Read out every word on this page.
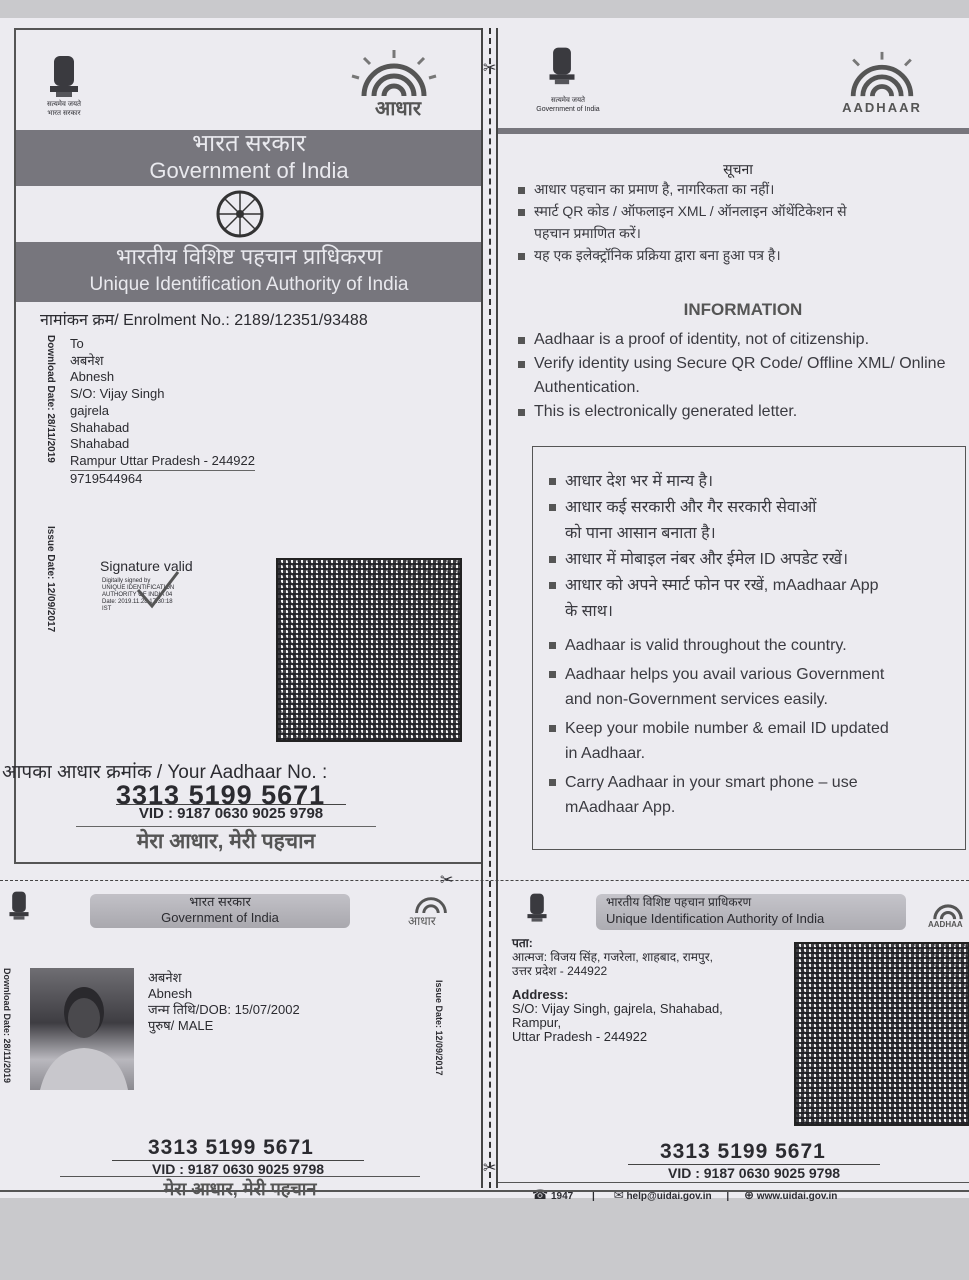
सत्यमेव जयते
भारत सरकार	आधार
भारत सरकार
Government of India
भारतीय विशिष्ट पहचान प्राधिकरण
Unique Identification Authority of India
नामांकन क्रम/ Enrolment No.: 2189/12351/93488
Download Date: 28/11/2019
Issue Date: 12/09/2017
To
अबनेश
Abnesh
S/O: Vijay Singh
gajrela
Shahabad
Shahabad
Rampur Uttar Pradesh - 244922
9719544964
Signature valid
Digitally signed by
UNIQUE IDENTIFICATION
AUTHORITY OF INDIA 04
Date: 2019.11.28 17:30:18
IST
आपका आधार क्रमांक / Your Aadhaar No. :
3313 5199 5671
VID : 9187 0630 9025 9798
मेरा आधार, मेरी पहचान
✂
✂
सत्यमेव जयते
Government of India	AADHAAR
सूचना
आधार पहचान का प्रमाण है, नागरिकता का नहीं।
स्मार्ट QR कोड / ऑफलाइन XML / ऑनलाइन ऑथेंटिकेशन से
पहचान प्रमाणित करें।
यह एक इलेक्ट्रॉनिक प्रक्रिया द्वारा बना हुआ पत्र है।
INFORMATION
Aadhaar is a proof of identity, not of citizenship.
Verify identity using Secure QR Code/ Offline XML/ Online
Authentication.
This is electronically generated letter.
आधार देश भर में मान्य है।
आधार कई सरकारी और गैर सरकारी सेवाओं
को पाना आसान बनाता है।
आधार में मोबाइल नंबर और ईमेल ID अपडेट रखें।
आधार को अपने स्मार्ट फोन पर रखें, mAadhaar App
के साथ।
Aadhaar is valid throughout the country.
Aadhaar helps you avail various Government
and non-Government services easily.
Keep your mobile number & email ID updated
in Aadhaar.
Carry Aadhaar in your smart phone – use
mAadhaar App.
✂
भारत सरकार
Government of India	आधार
Download Date: 28/11/2019	अबनेश
Abnesh
जन्म तिथि/DOB: 15/07/2002
पुरुष/ MALE	Issue Date: 12/09/2017
3313 5199 5671
VID : 9187 0630 9025 9798
मेरा आधार, मेरी पहचान
भारतीय विशिष्ट पहचान प्राधिकरण
Unique Identification Authority of India	AADHAA
पता:
आत्मज: विजय सिंह, गजरेला, शाहबाद, रामपुर,
उत्तर प्रदेश - 244922
Address:
S/O: Vijay Singh, gajrela, Shahabad,
Rampur,
Uttar Pradesh - 244922
3313 5199 5671
VID : 9187 0630 9025 9798
☎ 1947 | ✉ help@uidai.gov.in | ⊕ www.uidai.gov.in
